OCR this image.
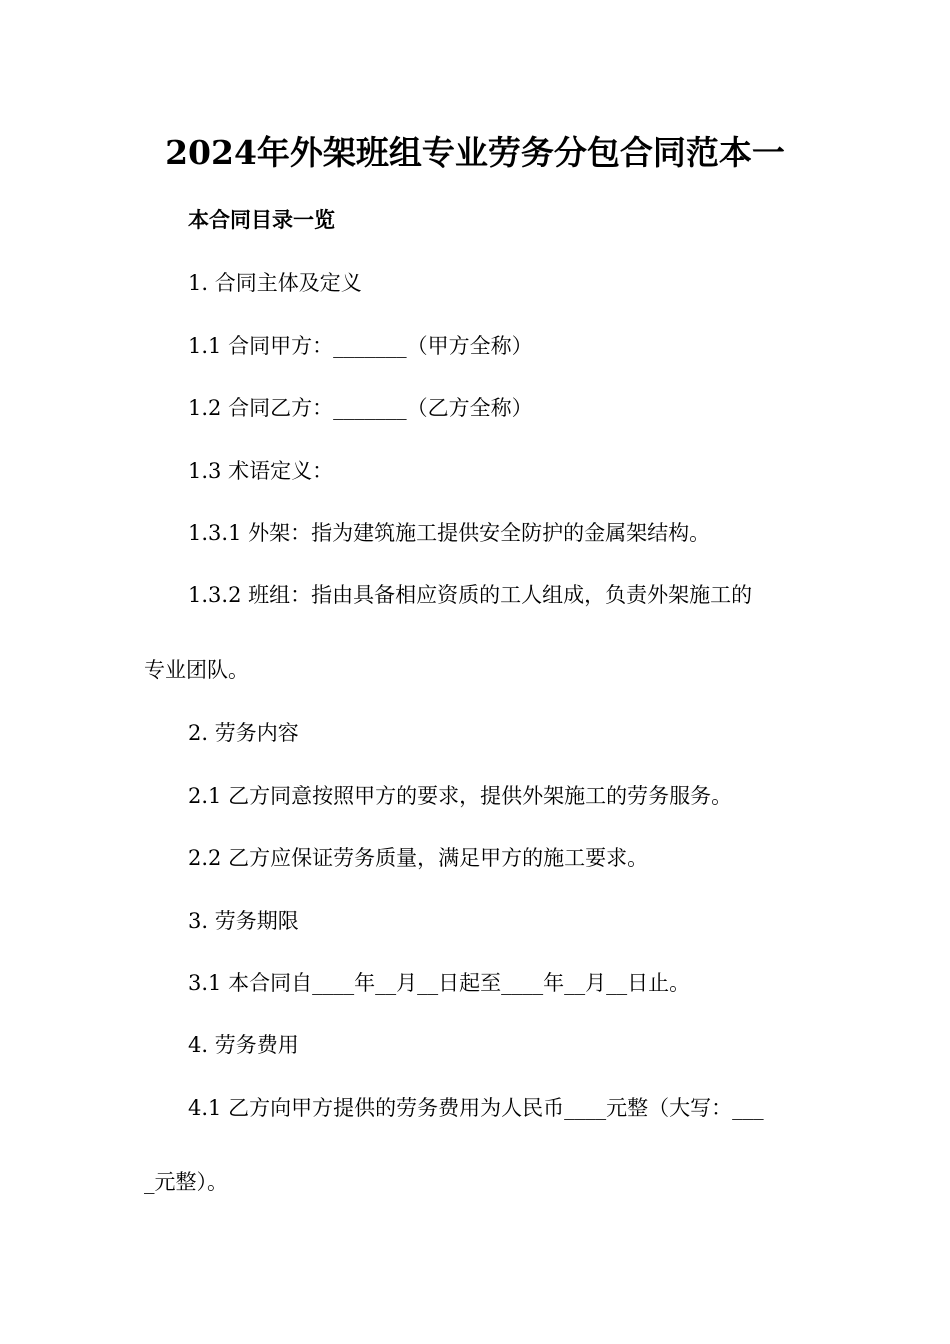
2024年外架班组专业劳务分包合同范本一
本合同目录一览
1. 合同主体及定义
1.1 合同甲方：_______（甲方全称）
1.2 合同乙方：_______（乙方全称）
1.3 术语定义：
1.3.1 外架：指为建筑施工提供安全防护的金属架结构。
1.3.2 班组：指由具备相应资质的工人组成，负责外架施工的
专业团队。
2. 劳务内容
2.1 乙方同意按照甲方的要求，提供外架施工的劳务服务。
2.2 乙方应保证劳务质量，满足甲方的施工要求。
3. 劳务期限
3.1 本合同自____年__月__日起至____年__月__日止。
4. 劳务费用
4.1 乙方向甲方提供的劳务费用为人民币____元整（大写：___
_元整）。
